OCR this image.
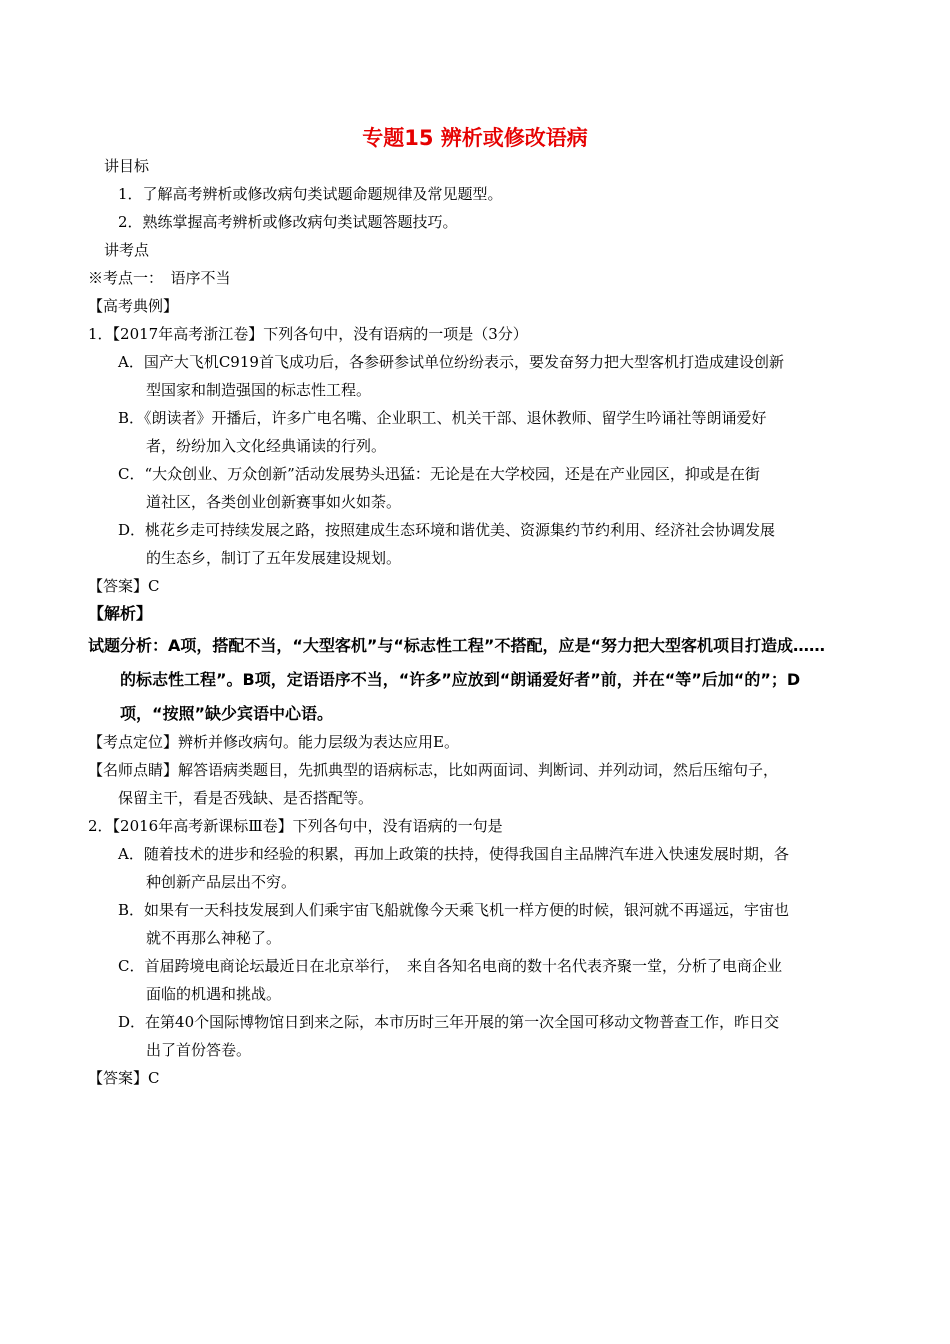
专题15 辨析或修改语病
讲目标
1．了解高考辨析或修改病句类试题命题规律及常见题型。
2．熟练掌握高考辨析或修改病句类试题答题技巧。
讲考点
※考点一：　语序不当
【高考典例】
1．【2017年高考浙江卷】下列各句中，没有语病的一项是（3分）
A．国产大飞机C919首飞成功后，各参研参试单位纷纷表示，要发奋努力把大型客机打造成建设创新
型国家和制造强国的标志性工程。
B．《朗读者》开播后，许多广电名嘴、企业职工、机关干部、退休教师、留学生吟诵社等朗诵爱好
者，纷纷加入文化经典诵读的行列。
C．“大众创业、万众创新”活动发展势头迅猛：无论是在大学校园，还是在产业园区，抑或是在街
道社区，各类创业创新赛事如火如荼。
D．桃花乡走可持续发展之路，按照建成生态环境和谐优美、资源集约节约利用、经济社会协调发展
的生态乡，制订了五年发展建设规划。
【答案】C
【解析】
试题分析：A项，搭配不当，“大型客机”与“标志性工程”不搭配，应是“努力把大型客机项目打造成……
的标志性工程”。B项，定语语序不当，“许多”应放到“朗诵爱好者”前，并在“等”后加“的”；D
项，“按照”缺少宾语中心语。
【考点定位】辨析并修改病句。能力层级为表达应用E。
【名师点睛】解答语病类题目，先抓典型的语病标志，比如两面词、判断词、并列动词，然后压缩句子，
保留主干，看是否残缺、是否搭配等。
2．【2016年高考新课标Ⅲ卷】下列各句中，没有语病的一句是
A．随着技术的进步和经验的积累，再加上政策的扶持，使得我国自主品牌汽车进入快速发展时期，各
种创新产品层出不穷。
B．如果有一天科技发展到人们乘宇宙飞船就像今天乘飞机一样方便的时候，银河就不再遥远，宇宙也
就不再那么神秘了。
C．首届跨境电商论坛最近日在北京举行，　来自各知名电商的数十名代表齐聚一堂，分析了电商企业
面临的机遇和挑战。
D．在第40个国际博物馆日到来之际，本市历时三年开展的第一次全国可移动文物普查工作，昨日交
出了首份答卷。
【答案】C
